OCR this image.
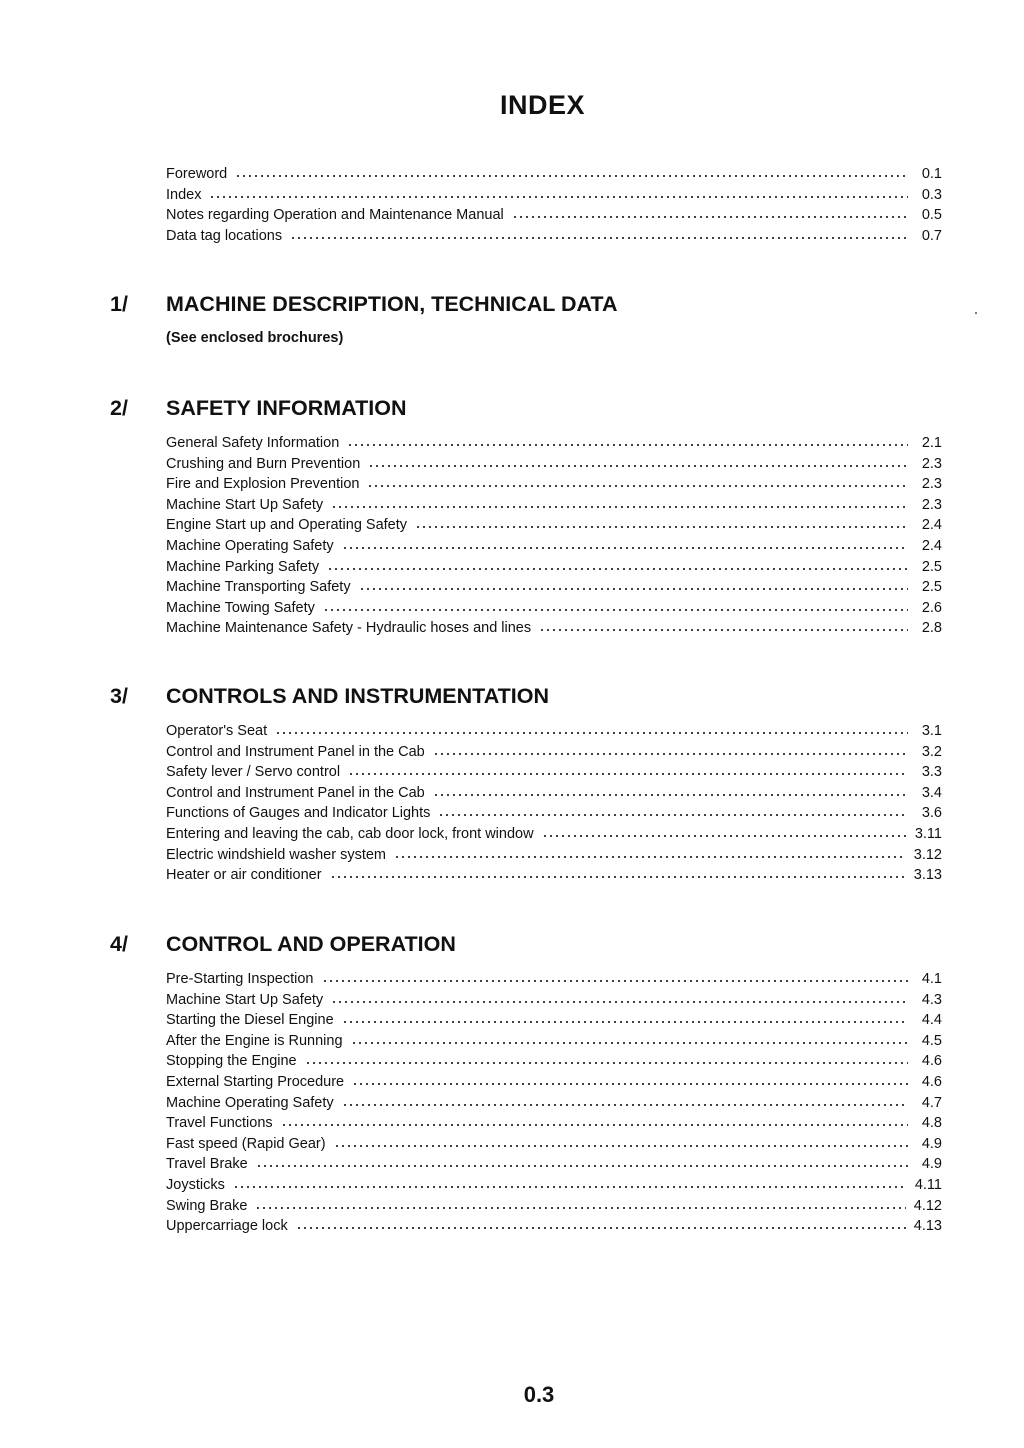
INDEX
Foreword	0.1
Index	0.3
Notes regarding Operation and Maintenance Manual	0.5
Data tag locations	0.7
1/	MACHINE DESCRIPTION, TECHNICAL DATA
(See enclosed brochures)
2/	SAFETY INFORMATION
General Safety Information	2.1
Crushing and Burn Prevention	2.3
Fire and Explosion Prevention	2.3
Machine Start Up Safety	2.3
Engine Start up and Operating Safety	2.4
Machine Operating Safety	2.4
Machine Parking Safety	2.5
Machine Transporting Safety	2.5
Machine Towing Safety	2.6
Machine Maintenance Safety - Hydraulic hoses and lines	2.8
3/	CONTROLS AND INSTRUMENTATION
Operator's Seat	3.1
Control and Instrument Panel in the Cab	3.2
Safety lever / Servo control	3.3
Control and Instrument Panel in the Cab	3.4
Functions of Gauges and Indicator Lights	3.6
Entering and leaving the cab, cab door lock, front window	3.11
Electric windshield washer system	3.12
Heater or air conditioner	3.13
4/	CONTROL AND OPERATION
Pre-Starting Inspection	4.1
Machine Start Up Safety	4.3
Starting the Diesel Engine	4.4
After the Engine is Running	4.5
Stopping the Engine	4.6
External Starting Procedure	4.6
Machine Operating Safety	4.7
Travel Functions	4.8
Fast speed (Rapid Gear)	4.9
Travel Brake	4.9
Joysticks	4.11
Swing Brake	4.12
Uppercarriage lock	4.13
0.3
